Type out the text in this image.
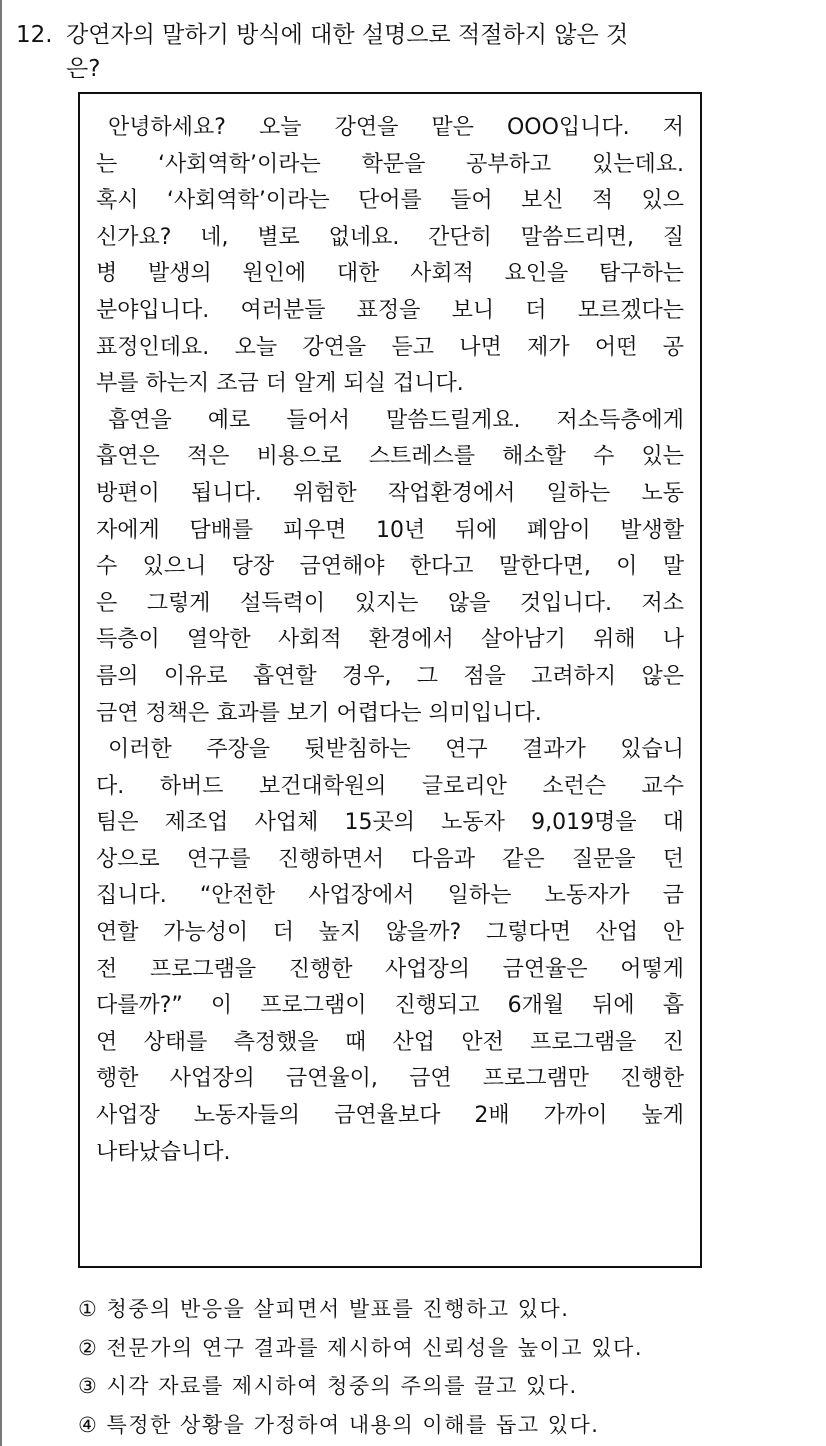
12. 강연자의 말하기 방식에 대한 설명으로 적절하지 않은 것
은?
안녕하세요? 오늘 강연을 맡은 OOO입니다. 저
는 ‘사회역학’이라는 학문을 공부하고 있는데요.
혹시 ‘사회역학’이라는 단어를 들어 보신 적 있으
신가요? 네, 별로 없네요. 간단히 말씀드리면, 질
병 발생의 원인에 대한 사회적 요인을 탐구하는
분야입니다. 여러분들 표정을 보니 더 모르겠다는
표정인데요. 오늘 강연을 듣고 나면 제가 어떤 공
부를 하는지 조금 더 알게 되실 겁니다.
흡연을 예로 들어서 말씀드릴게요. 저소득층에게
흡연은 적은 비용으로 스트레스를 해소할 수 있는
방편이 됩니다. 위험한 작업환경에서 일하는 노동
자에게 담배를 피우면 10년 뒤에 폐암이 발생할
수 있으니 당장 금연해야 한다고 말한다면, 이 말
은 그렇게 설득력이 있지는 않을 것입니다. 저소
득층이 열악한 사회적 환경에서 살아남기 위해 나
름의 이유로 흡연할 경우, 그 점을 고려하지 않은
금연 정책은 효과를 보기 어렵다는 의미입니다.
이러한 주장을 뒷받침하는 연구 결과가 있습니
다. 하버드 보건대학원의 글로리안 소런슨 교수
팀은 제조업 사업체 15곳의 노동자 9,019명을 대
상으로 연구를 진행하면서 다음과 같은 질문을 던
집니다. “안전한 사업장에서 일하는 노동자가 금
연할 가능성이 더 높지 않을까? 그렇다면 산업 안
전 프로그램을 진행한 사업장의 금연율은 어떻게
다를까?” 이 프로그램이 진행되고 6개월 뒤에 흡
연 상태를 측정했을 때 산업 안전 프로그램을 진
행한 사업장의 금연율이, 금연 프로그램만 진행한
사업장 노동자들의 금연율보다 2배 가까이 높게
나타났습니다.
① 청중의 반응을 살피면서 발표를 진행하고 있다.
② 전문가의 연구 결과를 제시하여 신뢰성을 높이고 있다.
③ 시각 자료를 제시하여 청중의 주의를 끌고 있다.
④ 특정한 상황을 가정하여 내용의 이해를 돕고 있다.
